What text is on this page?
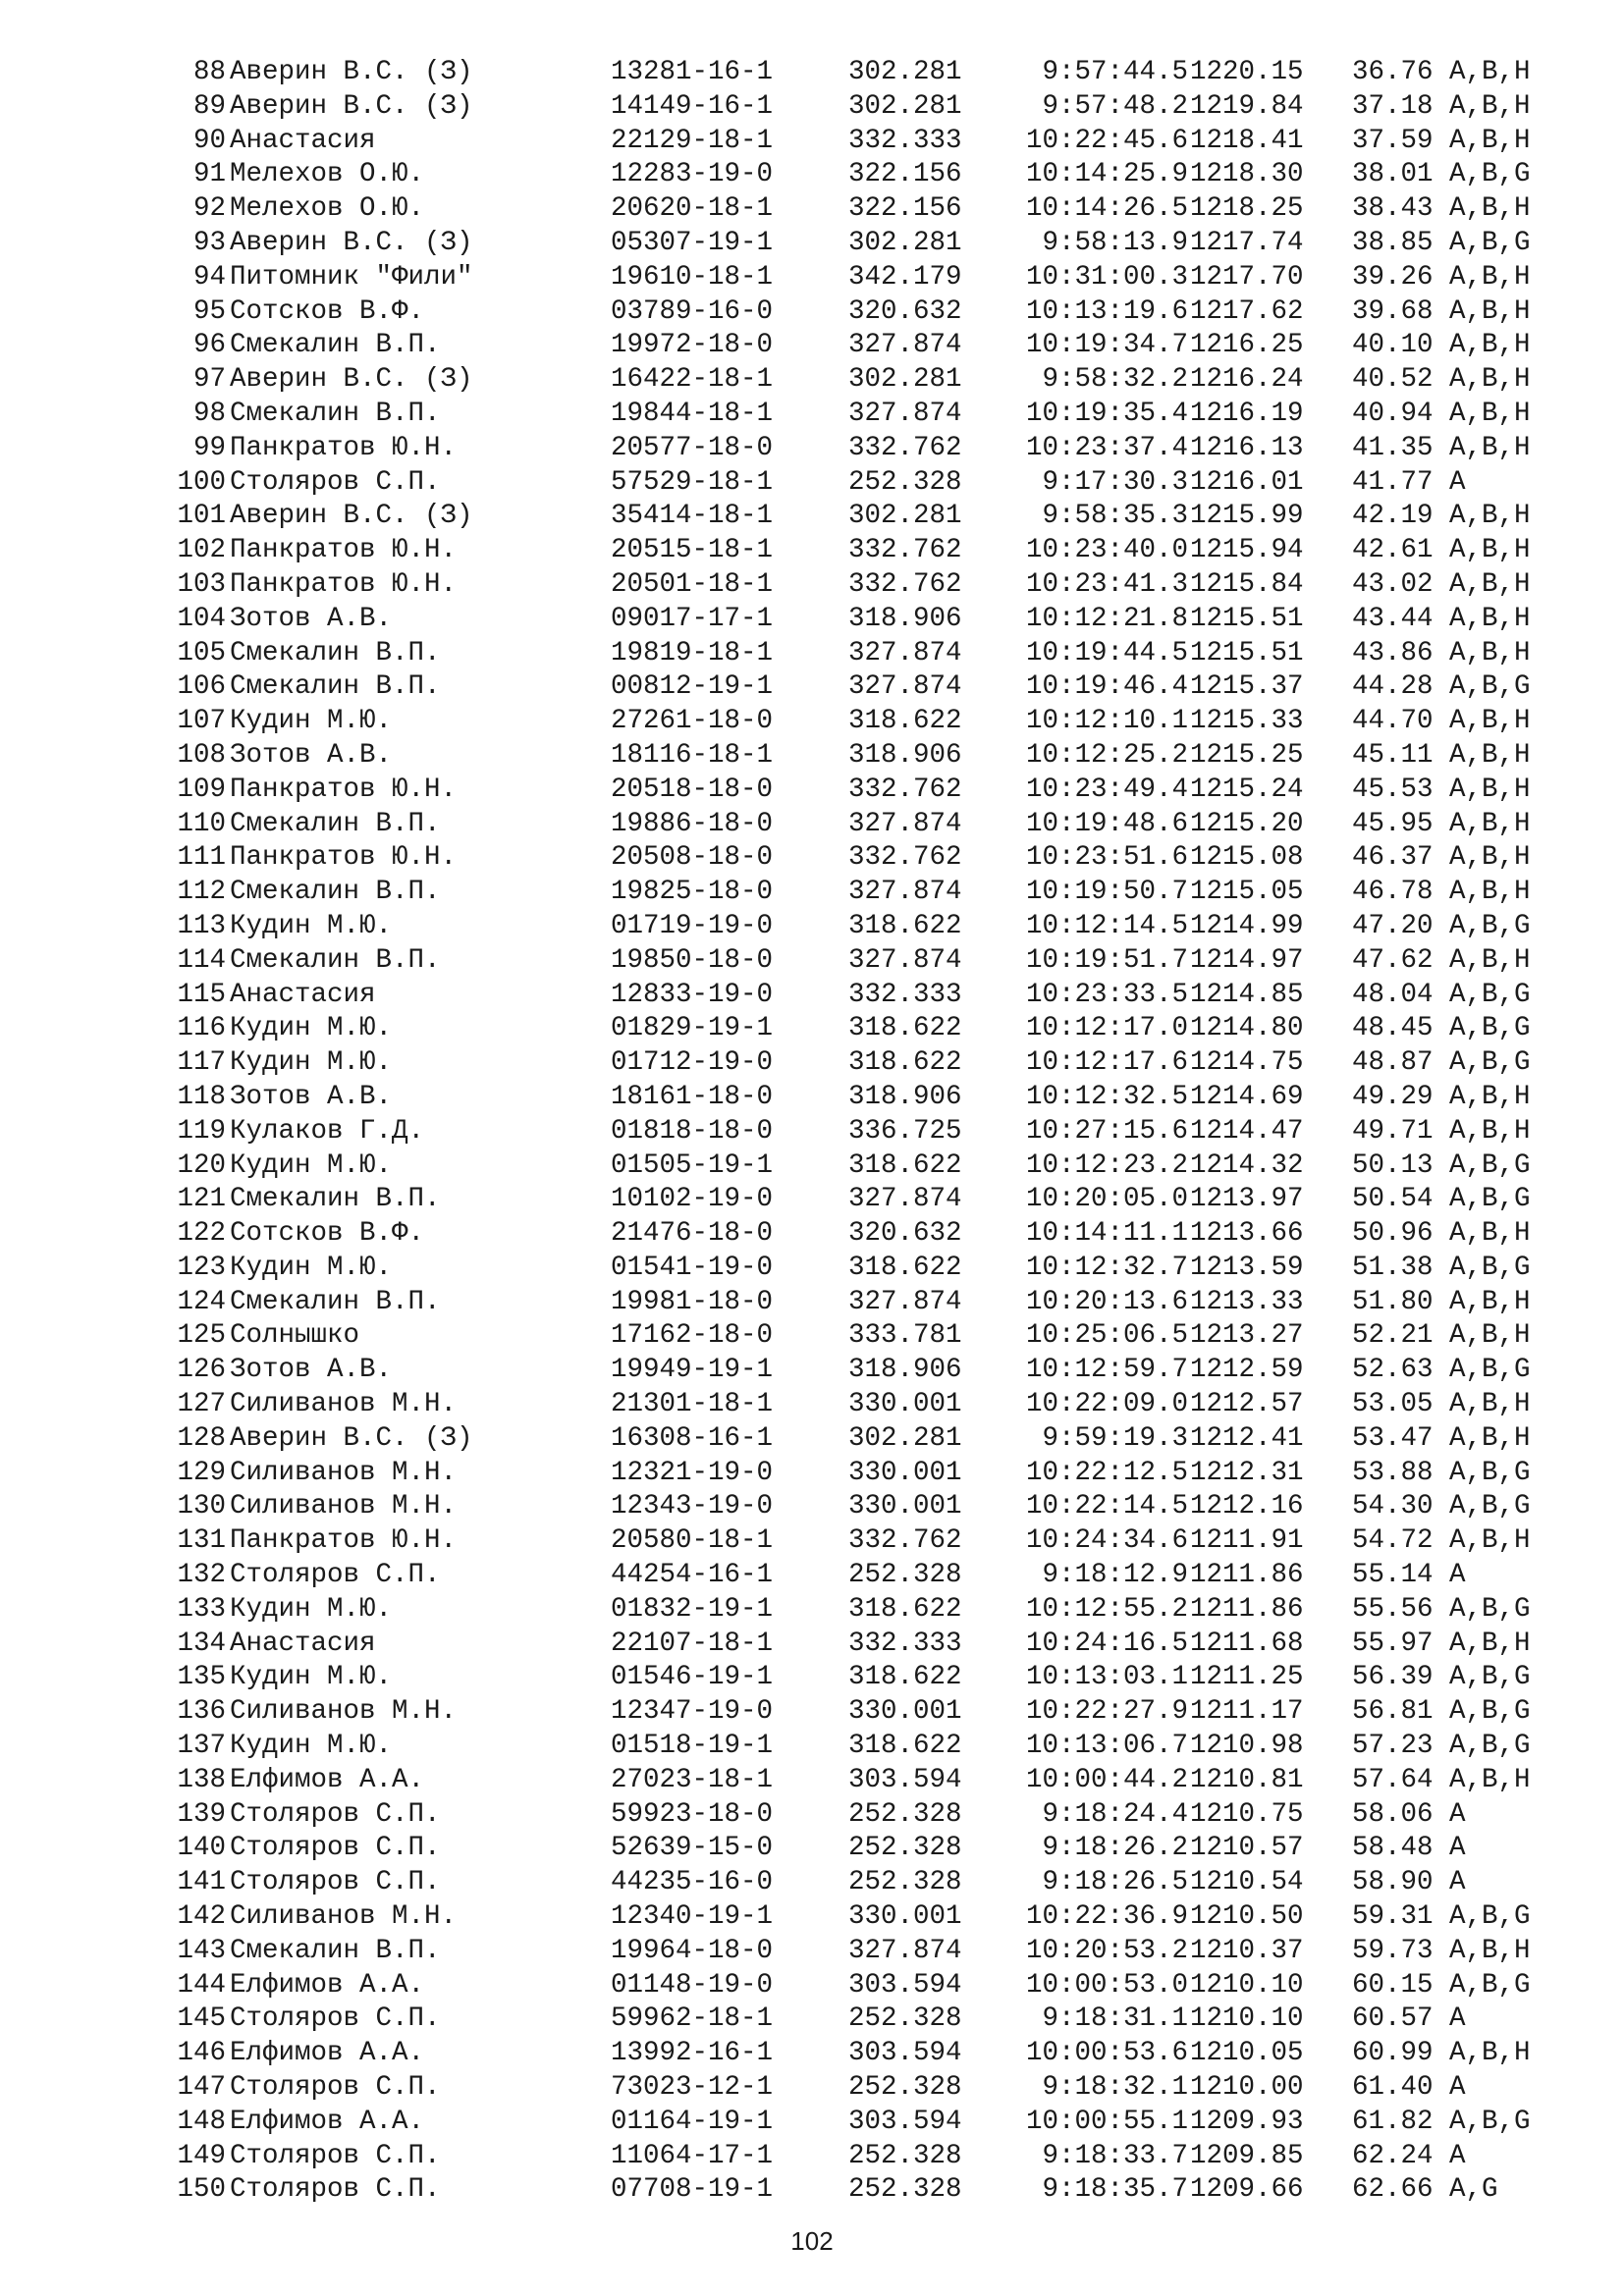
88 Аверин В.С. (З)	13281-16-1	302.281	9:57:44.5 1220.15 36.76 A,B,H
89 Аверин В.С. (З)	14149-16-1	302.281	9:57:48.2 1219.84 37.18 A,B,H
90 Анастасия	22129-18-1	332.333	10:22:45.6 1218.41 37.59 A,B,H
91 Мелехов О.Ю.	12283-19-0	322.156	10:14:25.9 1218.30 38.01 A,B,G
92 Мелехов О.Ю.	20620-18-1	322.156	10:14:26.5 1218.25 38.43 A,B,H
93 Аверин В.С. (З)	05307-19-1	302.281	9:58:13.9 1217.74 38.85 A,B,G
94 Питомник "Фили"	19610-18-1	342.179	10:31:00.3 1217.70 39.26 A,B,H
95 Сотсков В.Ф.	03789-16-0	320.632	10:13:19.6 1217.62 39.68 A,B,H
96 Смекалин В.П.	19972-18-0	327.874	10:19:34.7 1216.25 40.10 A,B,H
97 Аверин В.С. (З)	16422-18-1	302.281	9:58:32.2 1216.24 40.52 A,B,H
98 Смекалин В.П.	19844-18-1	327.874	10:19:35.4 1216.19 40.94 A,B,H
99 Панкратов Ю.Н.	20577-18-0	332.762	10:23:37.4 1216.13 41.35 A,B,H
100 Столяров С.П.	57529-18-1	252.328	9:17:30.3 1216.01 41.77 A
101 Аверин В.С. (З)	35414-18-1	302.281	9:58:35.3 1215.99 42.19 A,B,H
102 Панкратов Ю.Н.	20515-18-1	332.762	10:23:40.0 1215.94 42.61 A,B,H
103 Панкратов Ю.Н.	20501-18-1	332.762	10:23:41.3 1215.84 43.02 A,B,H
104 Зотов А.В.	09017-17-1	318.906	10:12:21.8 1215.51 43.44 A,B,H
105 Смекалин В.П.	19819-18-1	327.874	10:19:44.5 1215.51 43.86 A,B,H
106 Смекалин В.П.	00812-19-1	327.874	10:19:46.4 1215.37 44.28 A,B,G
107 Кудин М.Ю.	27261-18-0	318.622	10:12:10.1 1215.33 44.70 A,B,H
108 Зотов А.В.	18116-18-1	318.906	10:12:25.2 1215.25 45.11 A,B,H
109 Панкратов Ю.Н.	20518-18-0	332.762	10:23:49.4 1215.24 45.53 A,B,H
110 Смекалин В.П.	19886-18-0	327.874	10:19:48.6 1215.20 45.95 A,B,H
111 Панкратов Ю.Н.	20508-18-0	332.762	10:23:51.6 1215.08 46.37 A,B,H
112 Смекалин В.П.	19825-18-0	327.874	10:19:50.7 1215.05 46.78 A,B,H
113 Кудин М.Ю.	01719-19-0	318.622	10:12:14.5 1214.99 47.20 A,B,G
114 Смекалин В.П.	19850-18-0	327.874	10:19:51.7 1214.97 47.62 A,B,H
115 Анастасия	12833-19-0	332.333	10:23:33.5 1214.85 48.04 A,B,G
116 Кудин М.Ю.	01829-19-1	318.622	10:12:17.0 1214.80 48.45 A,B,G
117 Кудин М.Ю.	01712-19-0	318.622	10:12:17.6 1214.75 48.87 A,B,G
118 Зотов А.В.	18161-18-0	318.906	10:12:32.5 1214.69 49.29 A,B,H
119 Кулаков Г.Д.	01818-18-0	336.725	10:27:15.6 1214.47 49.71 A,B,H
120 Кудин М.Ю.	01505-19-1	318.622	10:12:23.2 1214.32 50.13 A,B,G
121 Смекалин В.П.	10102-19-0	327.874	10:20:05.0 1213.97 50.54 A,B,G
122 Сотсков В.Ф.	21476-18-0	320.632	10:14:11.1 1213.66 50.96 A,B,H
123 Кудин М.Ю.	01541-19-0	318.622	10:12:32.7 1213.59 51.38 A,B,G
124 Смекалин В.П.	19981-18-0	327.874	10:20:13.6 1213.33 51.80 A,B,H
125 Солнышко	17162-18-0	333.781	10:25:06.5 1213.27 52.21 A,B,H
126 Зотов А.В.	19949-19-1	318.906	10:12:59.7 1212.59 52.63 A,B,G
127 Силиванов М.Н.	21301-18-1	330.001	10:22:09.0 1212.57 53.05 A,B,H
128 Аверин В.С. (З)	16308-16-1	302.281	9:59:19.3 1212.41 53.47 A,B,H
129 Силиванов М.Н.	12321-19-0	330.001	10:22:12.5 1212.31 53.88 A,B,G
130 Силиванов М.Н.	12343-19-0	330.001	10:22:14.5 1212.16 54.30 A,B,G
131 Панкратов Ю.Н.	20580-18-1	332.762	10:24:34.6 1211.91 54.72 A,B,H
132 Столяров С.П.	44254-16-1	252.328	9:18:12.9 1211.86 55.14 A
133 Кудин М.Ю.	01832-19-1	318.622	10:12:55.2 1211.86 55.56 A,B,G
134 Анастасия	22107-18-1	332.333	10:24:16.5 1211.68 55.97 A,B,H
135 Кудин М.Ю.	01546-19-1	318.622	10:13:03.1 1211.25 56.39 A,B,G
136 Силиванов М.Н.	12347-19-0	330.001	10:22:27.9 1211.17 56.81 A,B,G
137 Кудин М.Ю.	01518-19-1	318.622	10:13:06.7 1210.98 57.23 A,B,G
138 Елфимов А.А.	27023-18-1	303.594	10:00:44.2 1210.81 57.64 A,B,H
139 Столяров С.П.	59923-18-0	252.328	9:18:24.4 1210.75 58.06 A
140 Столяров С.П.	52639-15-0	252.328	9:18:26.2 1210.57 58.48 A
141 Столяров С.П.	44235-16-0	252.328	9:18:26.5 1210.54 58.90 A
142 Силиванов М.Н.	12340-19-1	330.001	10:22:36.9 1210.50 59.31 A,B,G
143 Смекалин В.П.	19964-18-0	327.874	10:20:53.2 1210.37 59.73 A,B,H
144 Елфимов А.А.	01148-19-0	303.594	10:00:53.0 1210.10 60.15 A,B,G
145 Столяров С.П.	59962-18-1	252.328	9:18:31.1 1210.10 60.57 A
146 Елфимов А.А.	13992-16-1	303.594	10:00:53.6 1210.05 60.99 A,B,H
147 Столяров С.П.	73023-12-1	252.328	9:18:32.1 1210.00 61.40 A
148 Елфимов А.А.	01164-19-1	303.594	10:00:55.1 1209.93 61.82 A,B,G
149 Столяров С.П.	11064-17-1	252.328	9:18:33.7 1209.85 62.24 A
150 Столяров С.П.	07708-19-1	252.328	9:18:35.7 1209.66 62.66 A,G
102
